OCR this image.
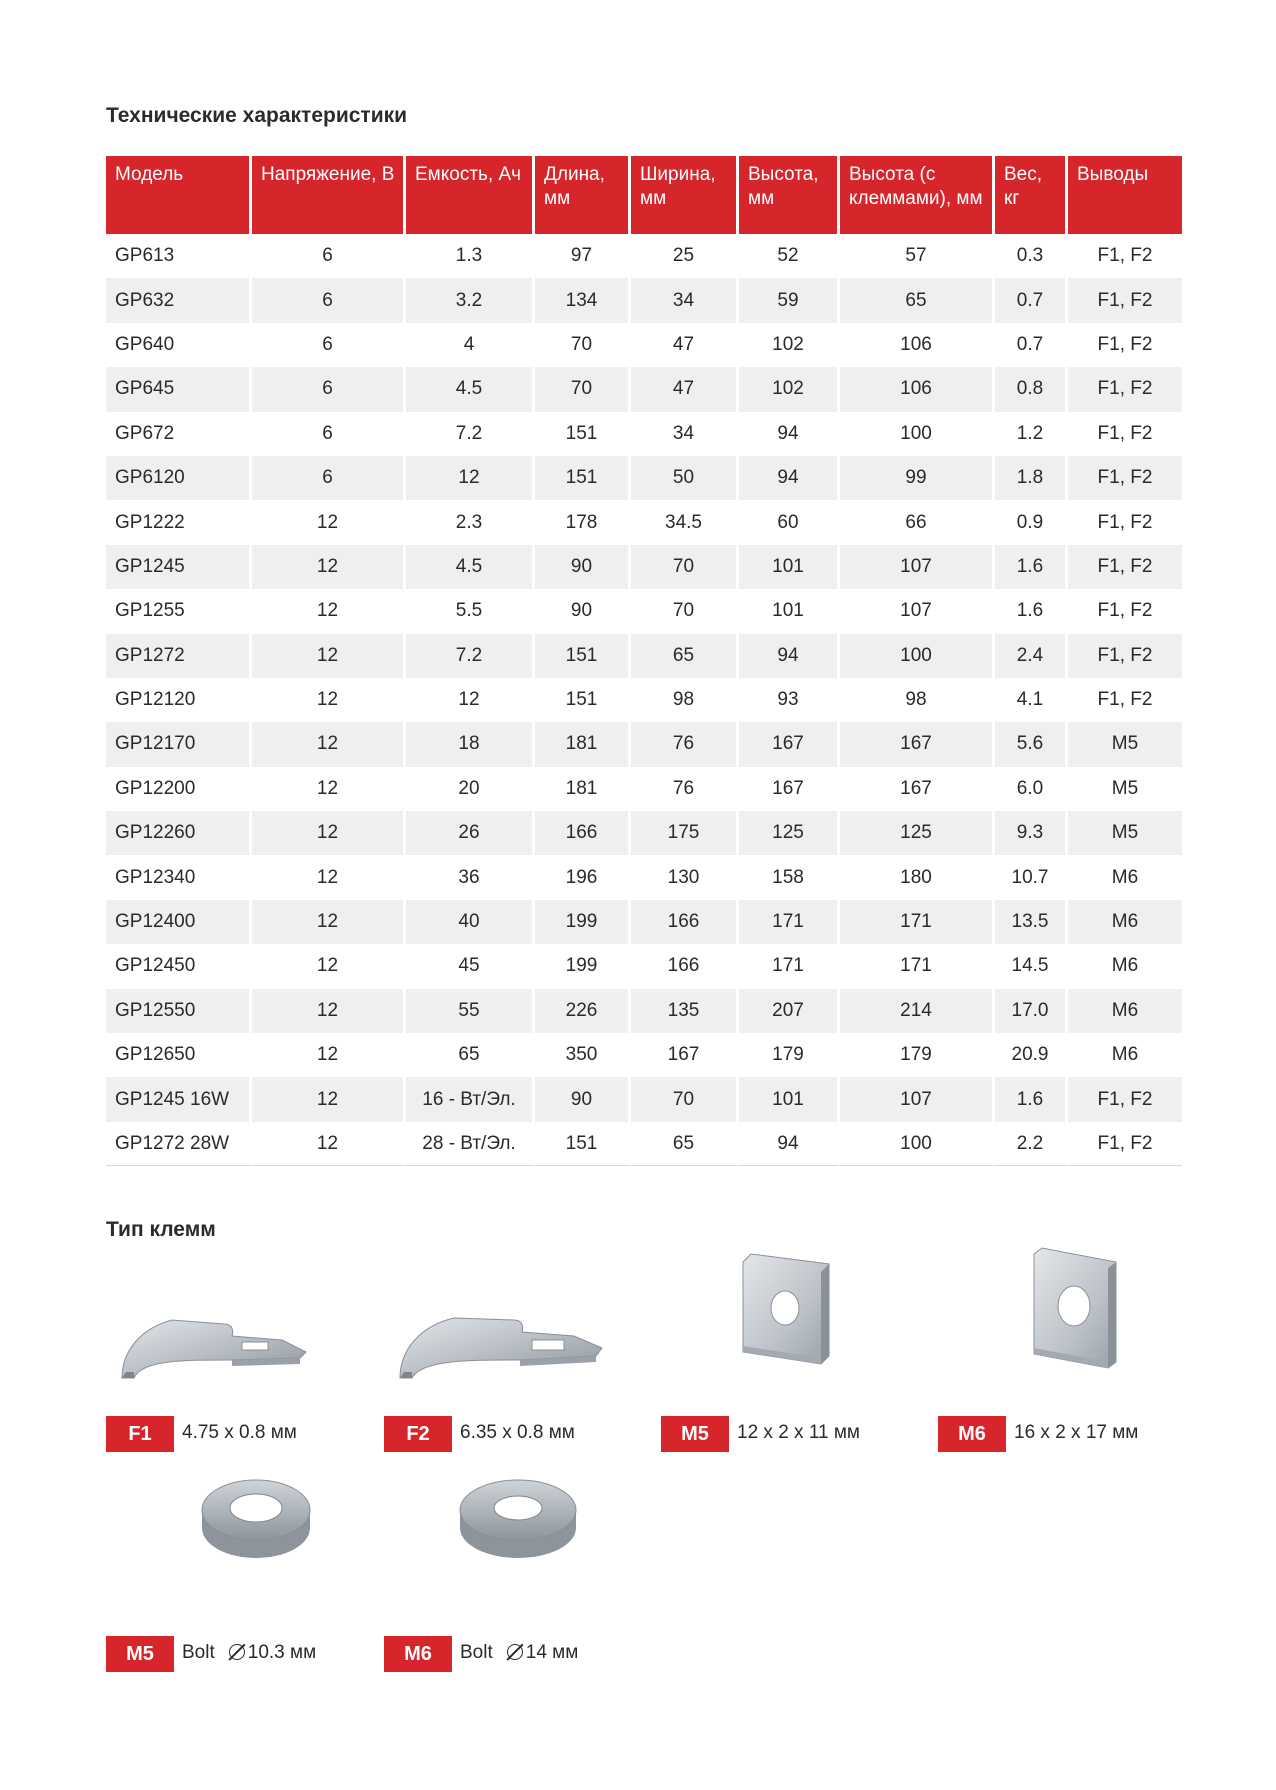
Технические характеристики
Модель	Напряжение, В	Емкость, Ач	Длина, мм	Ширина, мм	Высота, мм	Высота (с клеммами), мм	Вес, кг	Выводы
GP613	6	1.3	97	25	52	57	0.3	F1, F2
GP632	6	3.2	134	34	59	65	0.7	F1, F2
GP640	6	4	70	47	102	106	0.7	F1, F2
GP645	6	4.5	70	47	102	106	0.8	F1, F2
GP672	6	7.2	151	34	94	100	1.2	F1, F2
GP6120	6	12	151	50	94	99	1.8	F1, F2
GP1222	12	2.3	178	34.5	60	66	0.9	F1, F2
GP1245	12	4.5	90	70	101	107	1.6	F1, F2
GP1255	12	5.5	90	70	101	107	1.6	F1, F2
GP1272	12	7.2	151	65	94	100	2.4	F1, F2
GP12120	12	12	151	98	93	98	4.1	F1, F2
GP12170	12	18	181	76	167	167	5.6	M5
GP12200	12	20	181	76	167	167	6.0	M5
GP12260	12	26	166	175	125	125	9.3	M5
GP12340	12	36	196	130	158	180	10.7	M6
GP12400	12	40	199	166	171	171	13.5	M6
GP12450	12	45	199	166	171	171	14.5	M6
GP12550	12	55	226	135	207	214	17.0	M6
GP12650	12	65	350	167	179	179	20.9	M6
GP1245 16W	12	16 - Вт/Эл.	90	70	101	107	1.6	F1, F2
GP1272 28W	12	28 - Вт/Эл.	151	65	94	100	2.2	F1, F2
Тип клемм
F1	4.75 x 0.8 мм	F2	6.35 x 0.8 мм	M5	12 x 2 x 11 мм	M6	16 x 2 x 17 мм
M5	Bolt 10.3 мм	M6	Bolt 14 мм
